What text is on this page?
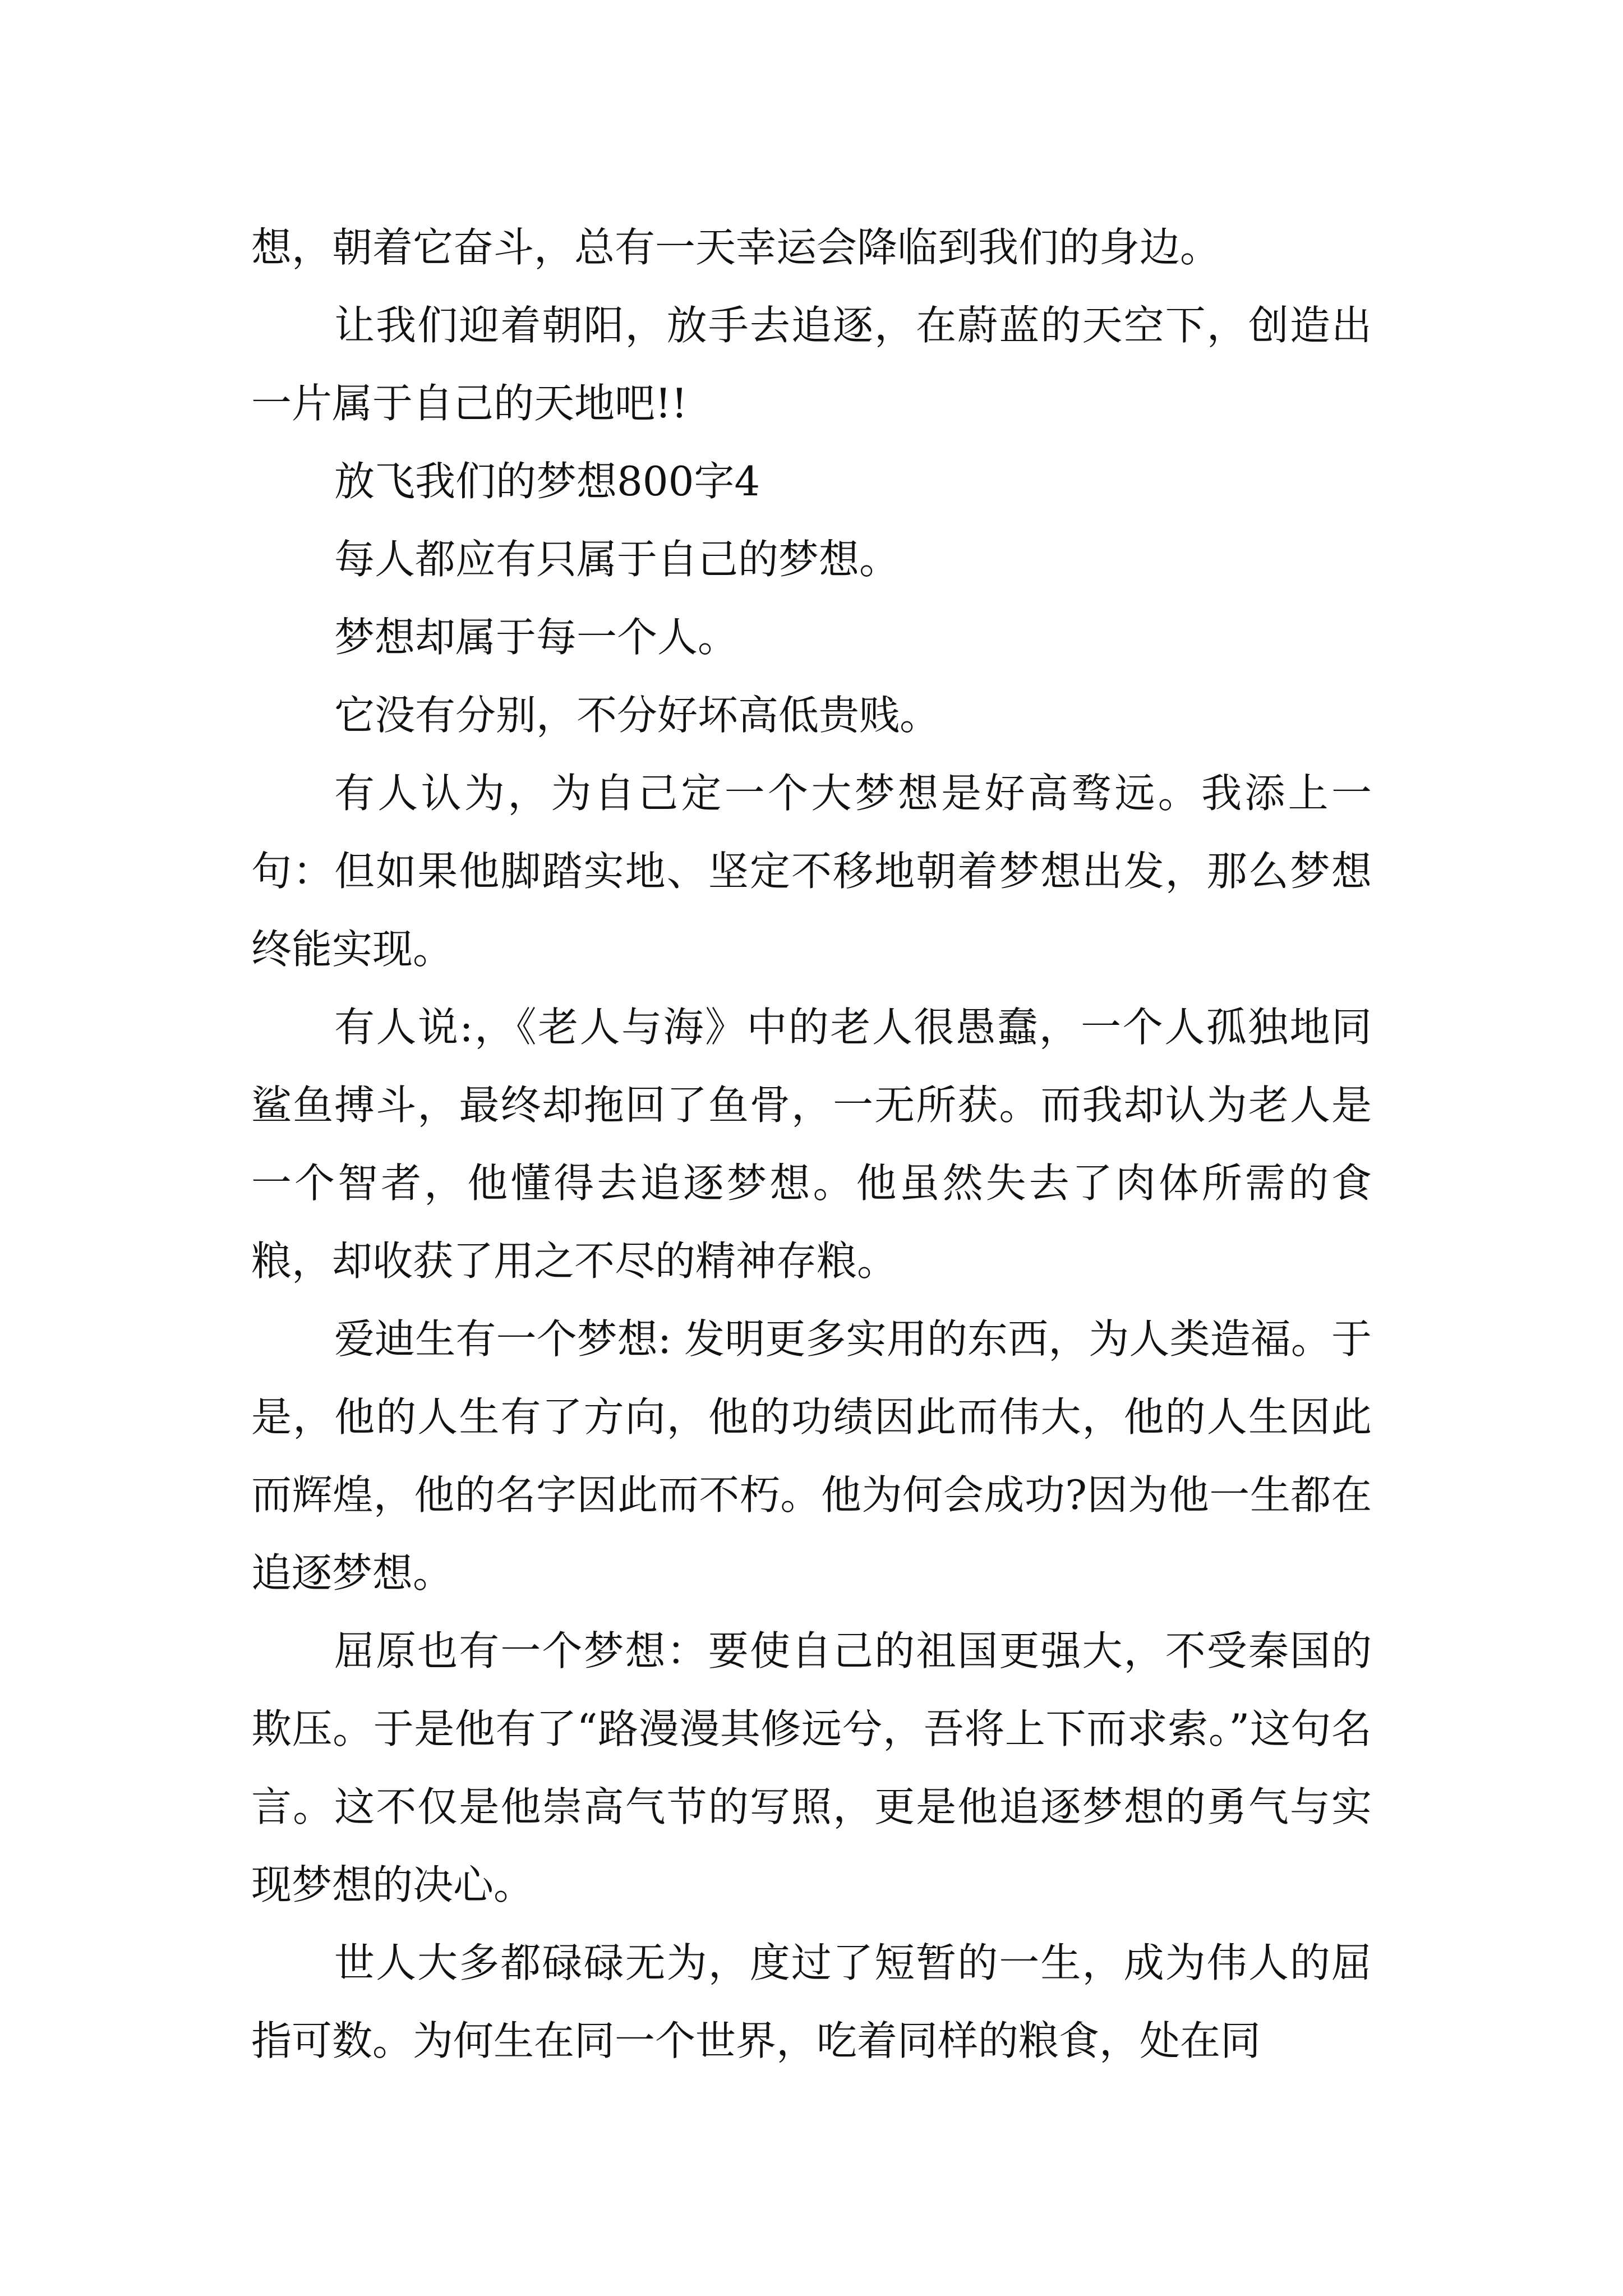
想，朝着它奋斗，总有一天幸运会降临到我们的身边。

让我们迎着朝阳，放手去追逐，在蔚蓝的天空下，创造出一片属于自己的天地吧!!

放飞我们的梦想800字4

每人都应有只属于自己的梦想。

梦想却属于每一个人。

它没有分别，不分好坏高低贵贱。

有人认为，为自己定一个大梦想是好高骛远。我添上一句：但如果他脚踏实地、坚定不移地朝着梦想出发，那么梦想终能实现。

有人说:，《老人与海》中的老人很愚蠢，一个人孤独地同鲨鱼搏斗，最终却拖回了鱼骨，一无所获。而我却认为老人是一个智者，他懂得去追逐梦想。他虽然失去了肉体所需的食粮，却收获了用之不尽的精神存粮。

爱迪生有一个梦想: 发明更多实用的东西，为人类造福。于是，他的人生有了方向，他的功绩因此而伟大，他的人生因此而辉煌，他的名字因此而不朽。他为何会成功?因为他一生都在追逐梦想。

屈原也有一个梦想：要使自己的祖国更强大，不受秦国的欺压。于是他有了“路漫漫其修远兮，吾将上下而求索。”这句名言。这不仅是他崇高气节的写照，更是他追逐梦想的勇气与实现梦想的决心。

世人大多都碌碌无为，度过了短暂的一生，成为伟人的屈指可数。为何生在同一个世界，吃着同样的粮食，处在同
